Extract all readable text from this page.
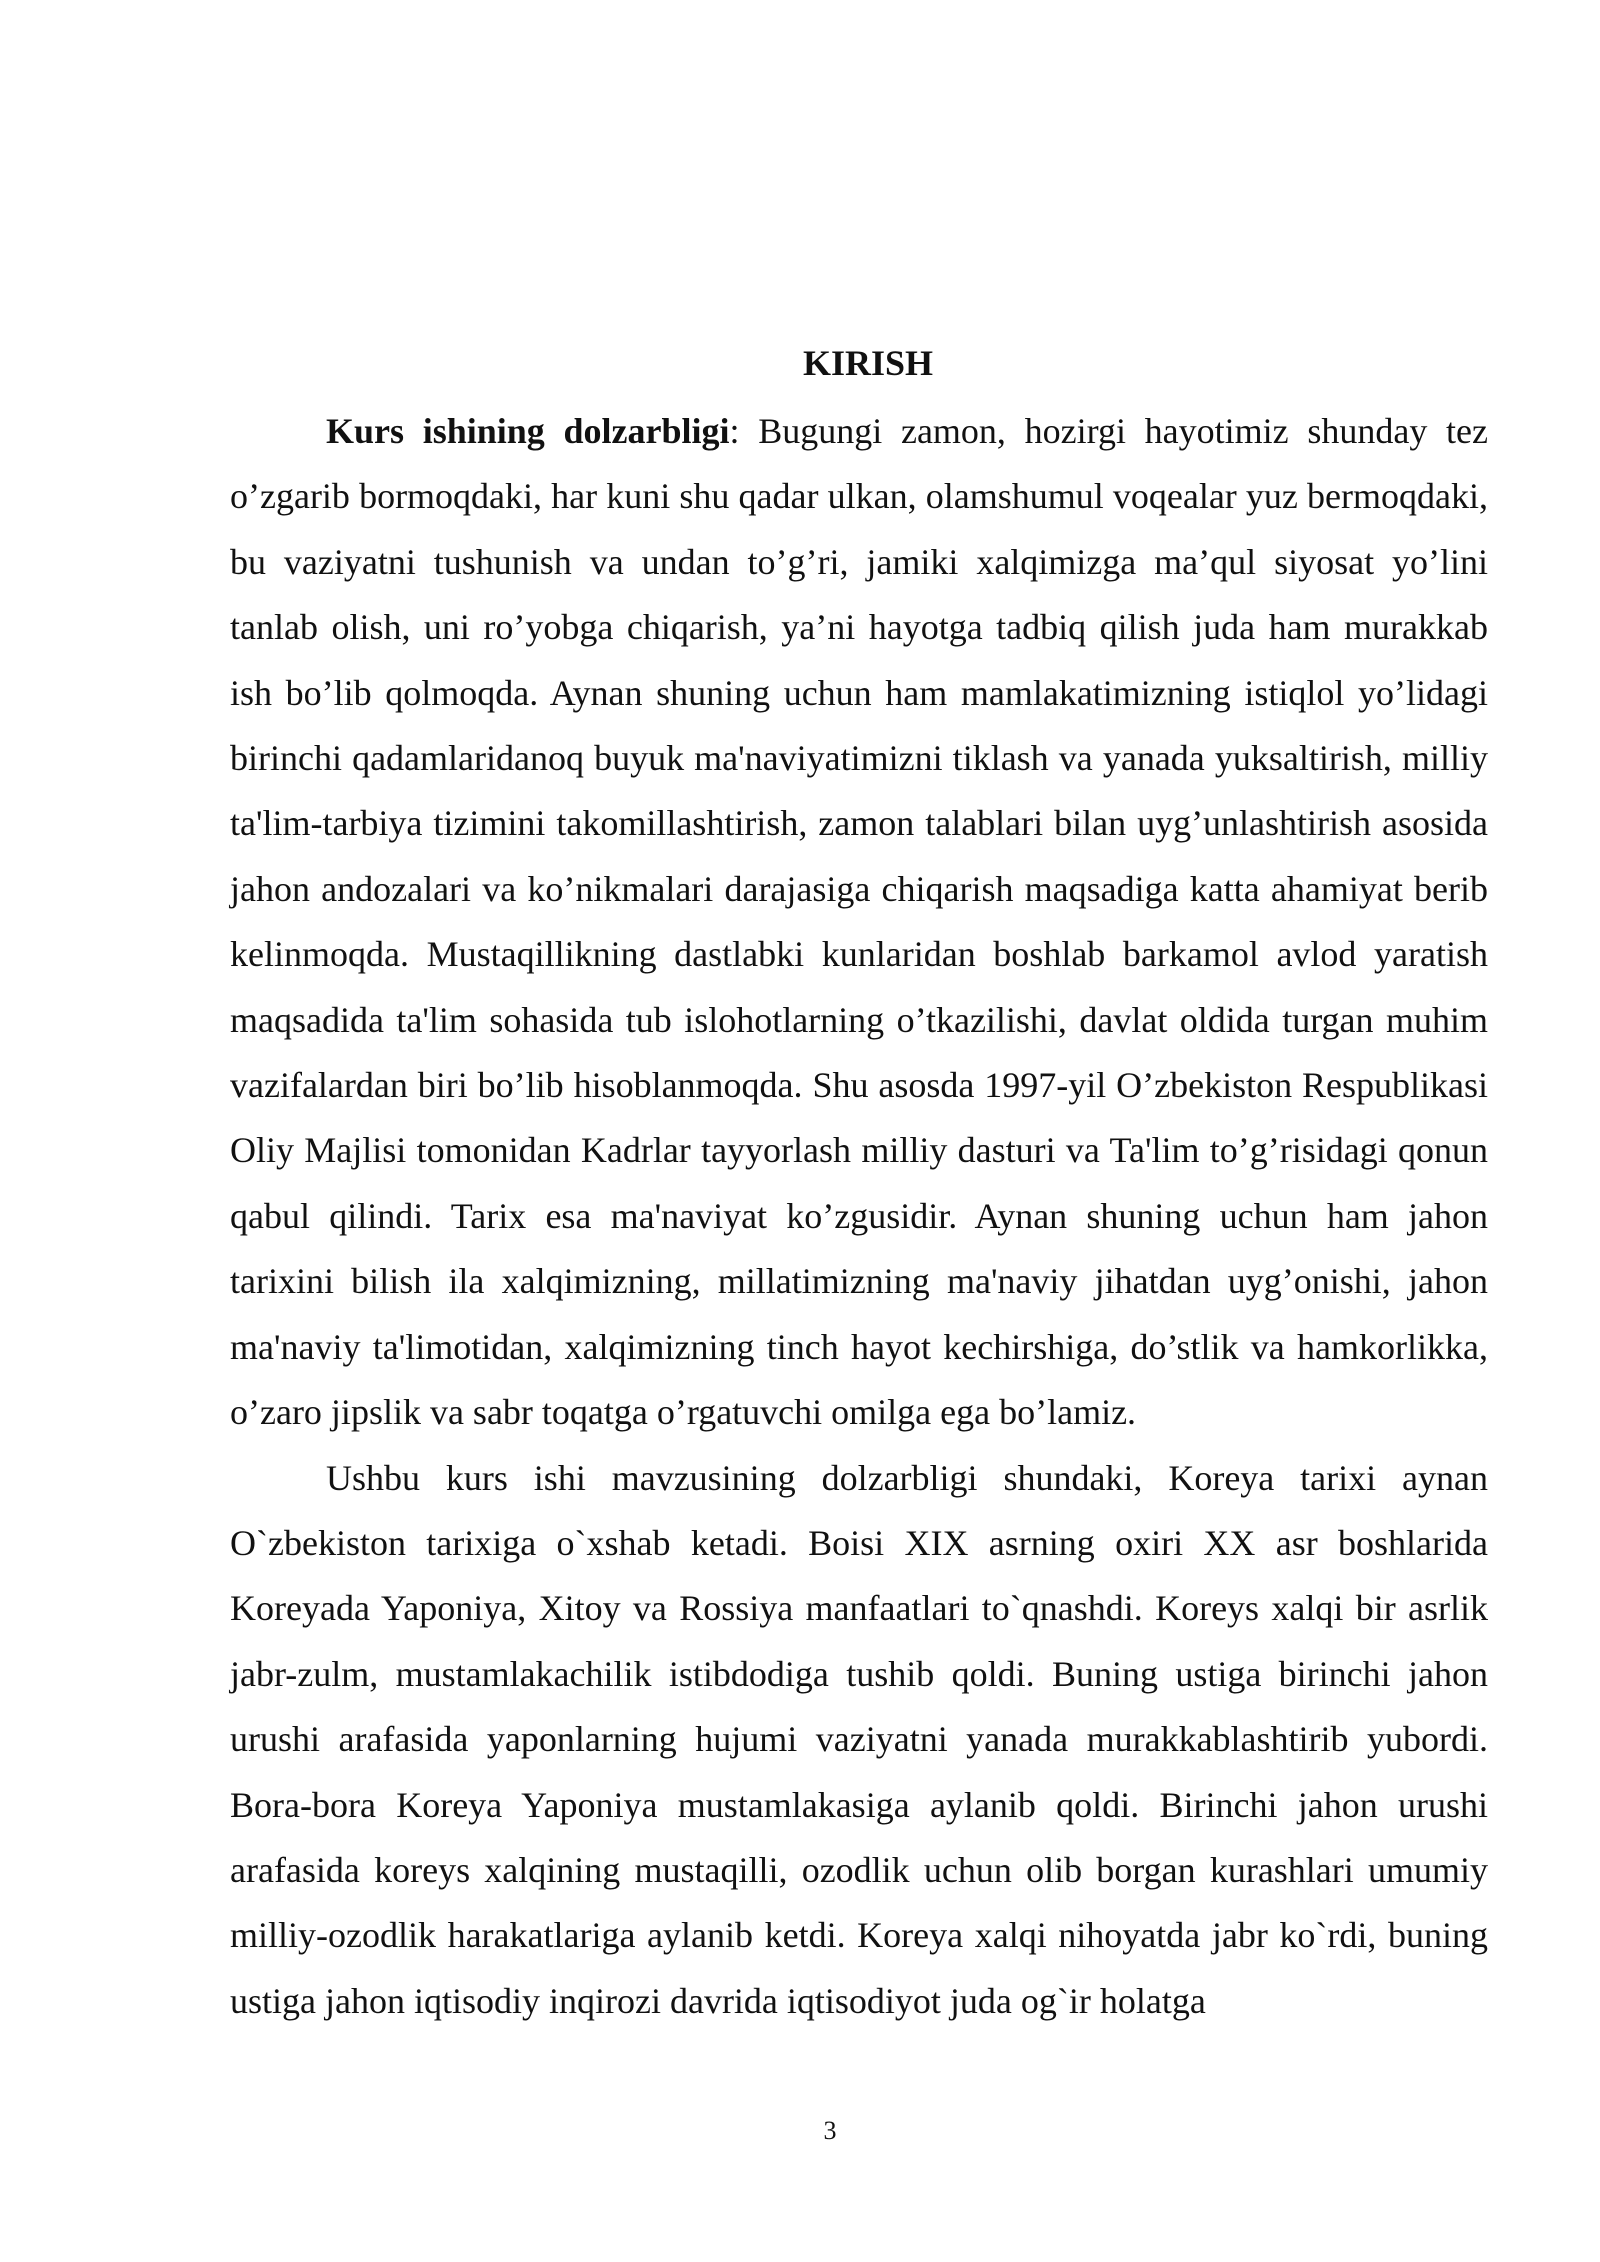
KIRISH

Kurs ishining dolzarbligi: Bugungi zamon, hozirgi hayotimiz shunday tez o’zgarib bormoqdaki, har kuni shu qadar ulkan, olamshumul voqealar yuz bermoqdaki, bu vaziyatni tushunish va undan to’g’ri, jamiki xalqimizga ma’qul siyosat yo’lini tanlab olish, uni ro’yobga chiqarish, ya’ni hayotga tadbiq qilish juda ham murakkab ish bo’lib qolmoqda. Aynan shuning uchun ham mamlakatimizning istiqlol yo’lidagi birinchi qadamlaridanoq buyuk ma'naviyatimizni tiklash va yanada yuksaltirish, milliy ta'lim-tarbiya tizimini takomillashtirish, zamon talablari bilan uyg’unlashtirish asosida jahon andozalari va ko’nikmalari darajasiga chiqarish maqsadiga katta ahamiyat berib kelinmoqda. Mustaqillikning dastlabki kunlaridan boshlab barkamol avlod yaratish maqsadida ta'lim sohasida tub islohotlarning o’tkazilishi, davlat oldida turgan muhim vazifalardan biri bo’lib hisoblanmoqda. Shu asosda 1997-yil O’zbekiston Respublikasi Oliy Majlisi tomonidan Kadrlar tayyorlash milliy dasturi va Ta'lim to’g’risidagi qonun qabul qilindi. Tarix esa ma'naviyat ko’zgusidir. Aynan shuning uchun ham jahon tarixini bilish ila xalqimizning, millatimizning ma'naviy jihatdan uyg’onishi, jahon ma'naviy ta'limotidan, xalqimizning tinch hayot kechirshiga, do’stlik va hamkorlikka, o’zaro jipslik va sabr toqatga o’rgatuvchi omilga ega bo’lamiz.

Ushbu kurs ishi mavzusining dolzarbligi shundaki, Koreya tarixi aynan O`zbekiston tarixiga o`xshab ketadi. Boisi XIX asrning oxiri XX asr boshlarida Koreyada Yaponiya, Xitoy va Rossiya manfaatlari to`qnashdi. Koreys xalqi bir asrlik jabr-zulm, mustamlakachilik istibdodiga tushib qoldi. Buning ustiga birinchi jahon urushi arafasida yaponlarning hujumi vaziyatni yanada murakkablashtirib yubordi. Bora-bora Koreya Yaponiya mustamlakasiga aylanib qoldi. Birinchi jahon urushi arafasida koreys xalqining mustaqilli, ozodlik uchun olib borgan kurashlari umumiy milliy-ozodlik harakatlariga aylanib ketdi. Koreya xalqi nihoyatda jabr ko`rdi, buning ustiga jahon iqtisodiy inqirozi davrida iqtisodiyot juda og`ir holatga

3
